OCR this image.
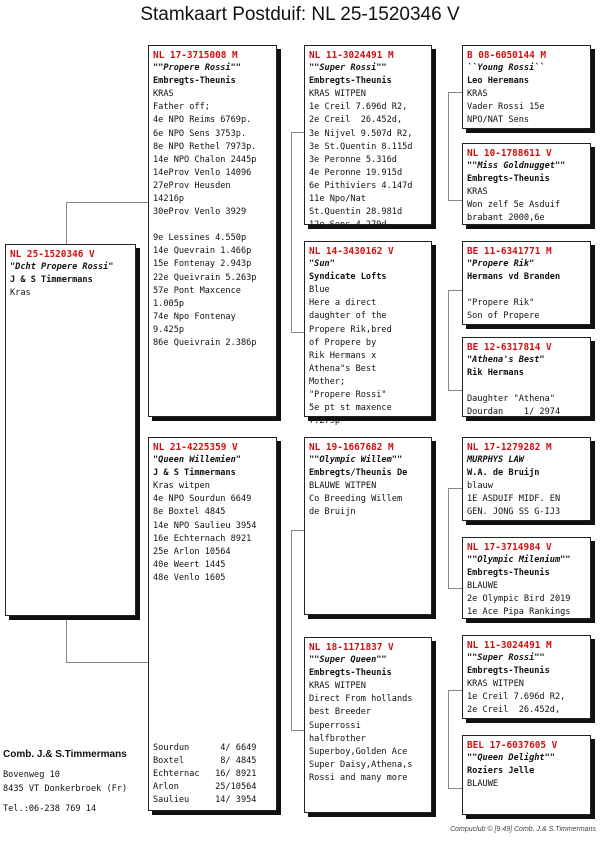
Stamkaart Postduif: NL 25-1520346 V
NL 25-1520346 V
"Dcht Propere Rossi"
J & S Timmermans
Kras
NL 17-3715008 M
""Propere Rossi""
Embregts-Theunis
KRAS
Father off;
4e NPO Reims 6769p.
6e NPO Sens 3753p.
8e NPO Rethel 7973p.
14e NPO Chalon 2445p
14eProv Venlo 14096
27eProv Heusden
14216p
30eProv Venlo 3929
9e Lessines 4.550p
14e Quevrain 1.466p
15e Fontenay 2.943p
22e Queivrain 5.263p
57e Pont Maxcence
1.005p
74e Npo Fontenay
9.425p
86e Queivrain 2.386p
NL 21-4225359 V
"Queen Willemien"
J & S Timmermans
Kras witpen
4e NPO Sourdun 6649
8e Boxtel 4845
14e NPO Saulieu 3954
16e Echternach 8921
25e Arlon 10564
40e Weert 1445
48e Venlo 1605
Sourdun      4/ 6649
Boxtel       8/ 4845
Echternac   16/ 8921
Arlon       25/10564
Saulieu     14/ 3954
NL 11-3024491 M
""Super Rossi""
Embregts-Theunis
KRAS WITPEN
1e Creil 7.696d R2,
2e Creil  26.452d,
3e Nijvel 9.507d R2,
3e St.Quentin 8.115d
3e Peronne 5.316d
4e Peronne 19.915d
6e Pithiviers 4.147d
11e Npo/Nat
St.Quentin 28.981d
12e Sens 4.279d
NL 14-3430162 V
"Sun"
Syndicate Lofts
Blue
Here a direct
daughter of the
Propere Rik,bred
of Propere by
Rik Hermans x
Athena"s Best
Mother;
"Propere Rossi"
5e pt st maxence
7.279p
NL 19-1667682 M
""Olympic Willem""
Embregts/Theunis De
BLAUWE WITPEN
Co Breeding Willem
de Bruijn
NL 18-1171837 V
""Super Queen""
Embregts-Theunis
KRAS WITPEN
Direct From hollands
best Breeder
Superrossi
halfbrother
Superboy,Golden Ace
Super Daisy,Athena,s
Rossi and many more
B 08-6050144 M
``Young Rossi``
Leo Heremans
KRAS
Vader Rossi 15e
NPO/NAT Sens
NL 10-1788611 V
""Miss Goldnugget""
Embregts-Theunis
KRAS
Won zelf 5e Asduif
brabant 2000,6e
BE 11-6341771 M
"Propere Rik"
Hermans vd Branden
"Propere Rik"
Son of Propere
BE 12-6317814 V
"Athena's Best"
Rik Hermans
Daughter "Athena"
Dourdan    1/ 2974
NL 17-1279282 M
MURPHYS LAW
W.A. de Bruijn
blauw
1E ASDUIF MIDF. EN
GEN. JONG SS G-IJ3
NL 17-3714984 V
""Olympic Milenium""
Embregts-Theunis
BLAUWE
2e Olympic Bird 2019
1e Ace Pipa Rankings
NL 11-3024491 M
""Super Rossi""
Embregts-Theunis
KRAS WITPEN
1e Creil 7.696d R2,
2e Creil  26.452d,
BEL 17-6037605 V
""Queen Delight""
Roziers Jelle
BLAUWE
Comb. J.& S.Timmermans
Bovenweg 10
8435 VT Donkerbroek (Fr)
Tel.:06-238 769 14
Compuclub © [9.49] Comb. J.& S.Timmermans
